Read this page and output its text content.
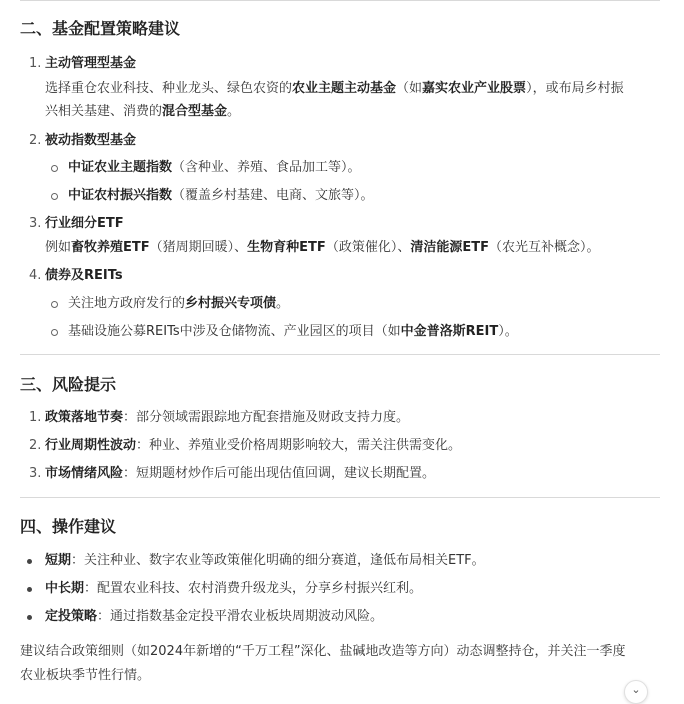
二、基金配置策略建议
1. 主动管理型基金
选择重仓农业科技、种业龙头、绿色农资的农业主题主动基金（如嘉实农业产业股票），或布局乡村振
兴相关基建、消费的混合型基金。
2. 被动指数型基金
中证农业主题指数（含种业、养殖、食品加工等）。
中证农村振兴指数（覆盖乡村基建、电商、文旅等）。
3. 行业细分ETF
例如畜牧养殖ETF（猪周期回暖）、生物育种ETF（政策催化）、清洁能源ETF（农光互补概念）。
4. 债券及REITs
关注地方政府发行的乡村振兴专项债。
基础设施公募REITs中涉及仓储物流、产业园区的项目（如中金普洛斯REIT）。
三、风险提示
1. 政策落地节奏：部分领域需跟踪地方配套措施及财政支持力度。
2. 行业周期性波动：种业、养殖业受价格周期影响较大，需关注供需变化。
3. 市场情绪风险：短期题材炒作后可能出现估值回调，建议长期配置。
四、操作建议
短期：关注种业、数字农业等政策催化明确的细分赛道，逢低布局相关ETF。
中长期：配置农业科技、农村消费升级龙头，分享乡村振兴红利。
定投策略：通过指数基金定投平滑农业板块周期波动风险。
建议结合政策细则（如2024年新增的“千万工程”深化、盐碱地改造等方向）动态调整持仓，并关注一季度
农业板块季节性行情。
⌄
